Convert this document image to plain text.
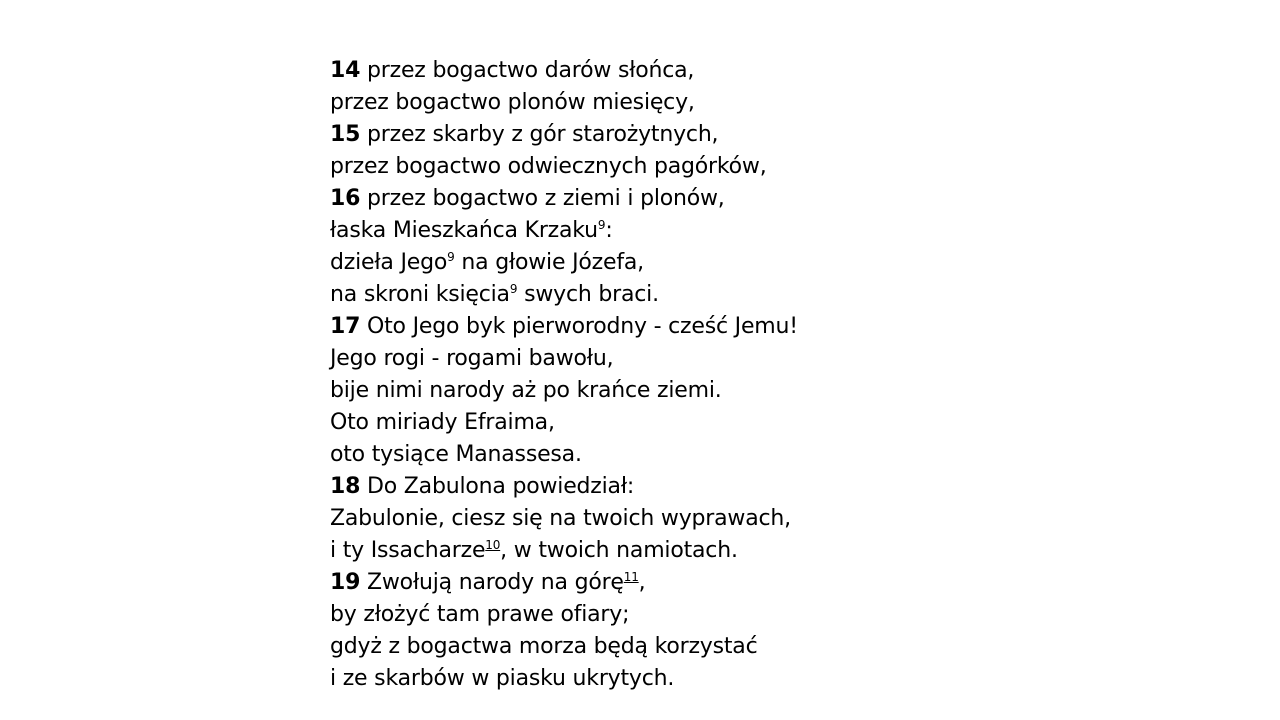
14 przez bogactwo darów słońca,
przez bogactwo plonów miesięcy,
15 przez skarby z gór starożytnych,
przez bogactwo odwiecznych pagórków,
16 przez bogactwo z ziemi i plonów,
łaska Mieszkańca Krzaku$^9$:
dzieła Jego$^9$ na głowie Józefa,
na skroni księcia$^9$ swych braci.
17 Oto Jego byk pierworodny - cześć Jemu!
Jego rogi - rogami bawołu,
bije nimi narody aż po krańce ziemi.
Oto miriady Efraima,
oto tysiące Manassesa.
18 Do Zabulona powiedział:
Zabulonie, ciesz się na twoich wyprawach,
i ty Issacharze$^{10}$, w twoich namiotach.
19 Zwołują narody na górę$^{11}$,
by złożyć tam prawe ofiary;
gdyż z bogactwa morza będą korzystać
i ze skarbów w piasku ukrytych.
